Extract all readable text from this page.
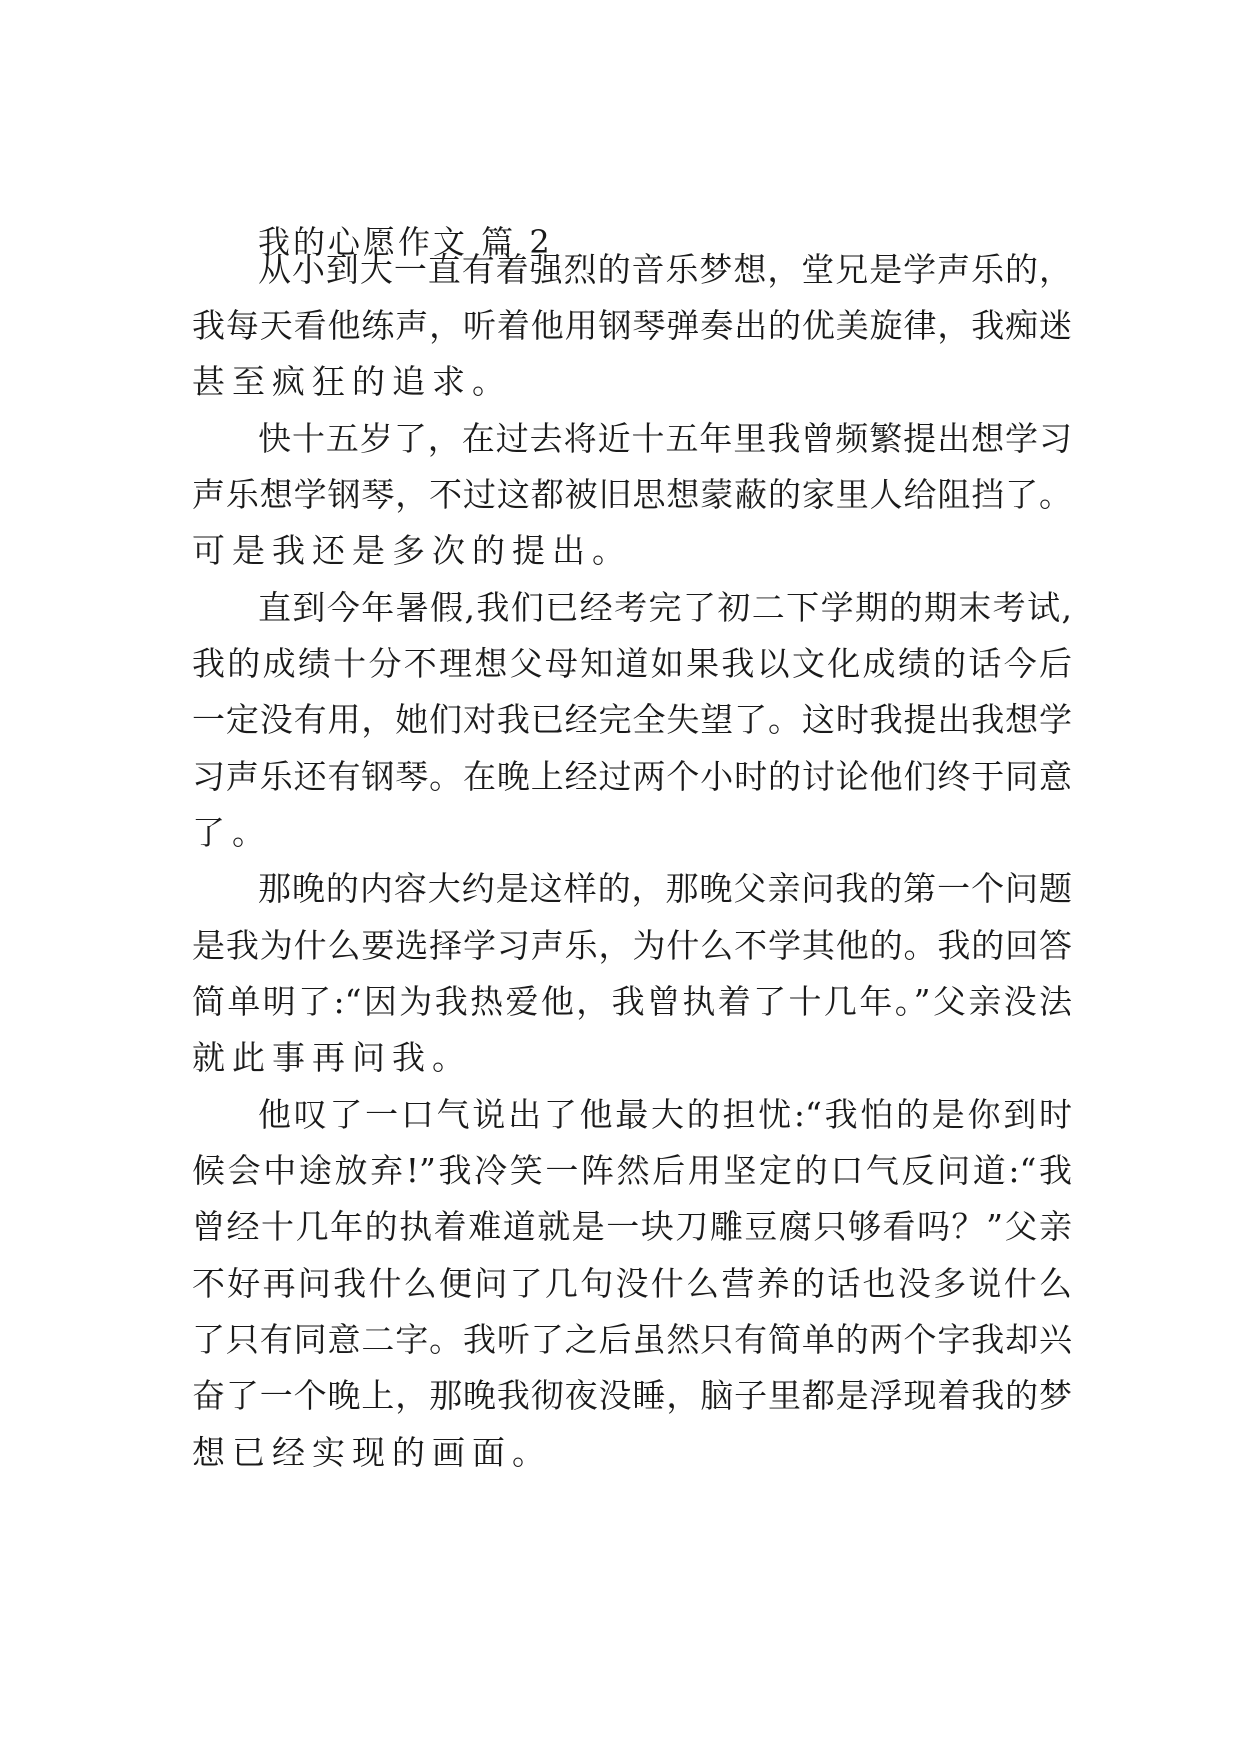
我的心愿作文 篇 2
从小到大一直有着强烈的音乐梦想，堂兄是学声乐的，
我每天看他练声，听着他用钢琴弹奏出的优美旋律，我痴迷
甚至疯狂的追求。
快十五岁了，在过去将近十五年里我曾频繁提出想学习
声乐想学钢琴，不过这都被旧思想蒙蔽的家里人给阻挡了。
可是我还是多次的提出。
直到今年暑假,我们已经考完了初二下学期的期末考试,
我的成绩十分不理想父母知道如果我以文化成绩的话今后
一定没有用，她们对我已经完全失望了。这时我提出我想学
习声乐还有钢琴。在晚上经过两个小时的讨论他们终于同意
了。
那晚的内容大约是这样的，那晚父亲问我的第一个问题
是我为什么要选择学习声乐，为什么不学其他的。我的回答
简单明了:“因为我热爱他，我曾执着了十几年。”父亲没法
就此事再问我。
他叹了一口气说出了他最大的担忧:“我怕的是你到时
候会中途放弃!”我冷笑一阵然后用坚定的口气反问道:“我
曾经十几年的执着难道就是一块刀雕豆腐只够看吗？”父亲
不好再问我什么便问了几句没什么营养的话也没多说什么
了只有同意二字。我听了之后虽然只有简单的两个字我却兴
奋了一个晚上，那晚我彻夜没睡，脑子里都是浮现着我的梦
想已经实现的画面。
